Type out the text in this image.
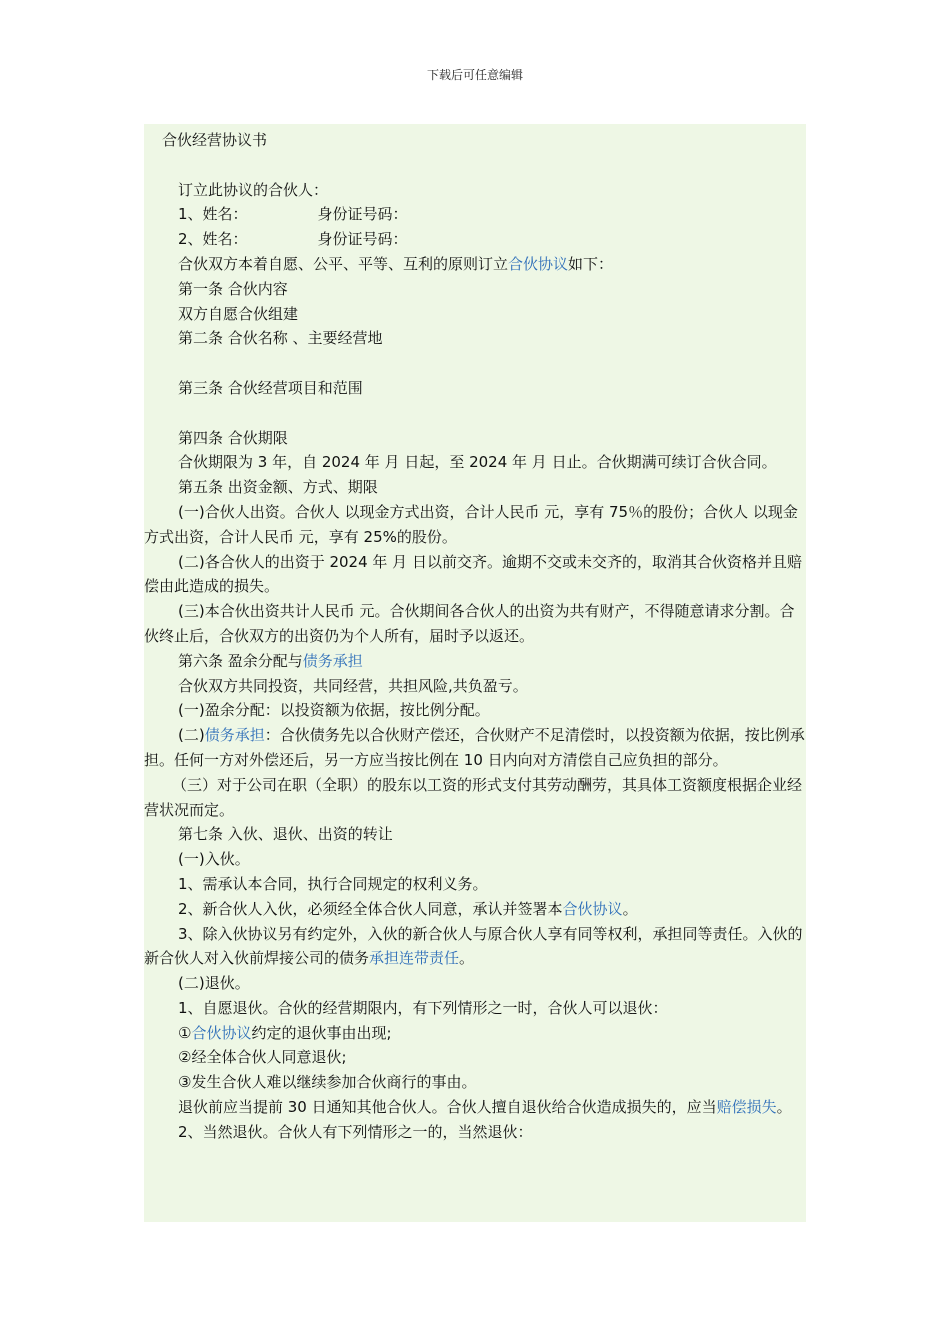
下载后可任意编辑

合伙经营协议书

订立此协议的合伙人：

1、姓名：	身份证号码：

2、姓名：	身份证号码：

合伙双方本着自愿、公平、平等、互利的原则订立合伙协议如下：

第一条 合伙内容

双方自愿合伙组建

第二条 合伙名称 、主要经营地

第三条 合伙经营项目和范围

第四条 合伙期限

合伙期限为 3 年，自 2024 年 月 日起，至 2024 年 月 日止。合伙期满可续订合伙合同。

第五条 出资金额、方式、期限

(一)合伙人出资。合伙人 以现金方式出资，合计人民币 元，享有 75％的股份；合伙人 以现金方式出资，合计人民币 元，享有 25%的股份。

(二)各合伙人的出资于 2024 年 月 日以前交齐。逾期不交或未交齐的，取消其合伙资格并且赔偿由此造成的损失。

(三)本合伙出资共计人民币 元。合伙期间各合伙人的出资为共有财产，不得随意请求分割。合伙终止后，合伙双方的出资仍为个人所有，届时予以返还。

第六条 盈余分配与债务承担

合伙双方共同投资，共同经营，共担风险,共负盈亏。

(一)盈余分配：以投资额为依据，按比例分配。

(二)债务承担：合伙债务先以合伙财产偿还，合伙财产不足清偿时，以投资额为依据，按比例承担。任何一方对外偿还后，另一方应当按比例在 10 日内向对方清偿自己应负担的部分。

（三）对于公司在职（全职）的股东以工资的形式支付其劳动酬劳，其具体工资额度根据企业经营状况而定。

第七条 入伙、退伙、出资的转让

(一)入伙。

1、需承认本合同，执行合同规定的权利义务。

2、新合伙人入伙，必须经全体合伙人同意，承认并签署本合伙协议。

3、除入伙协议另有约定外，入伙的新合伙人与原合伙人享有同等权利，承担同等责任。入伙的新合伙人对入伙前焊接公司的债务承担连带责任。

(二)退伙。

1、自愿退伙。合伙的经营期限内，有下列情形之一时，合伙人可以退伙：

①合伙协议约定的退伙事由出现;

②经全体合伙人同意退伙;

③发生合伙人难以继续参加合伙商行的事由。

退伙前应当提前 30 日通知其他合伙人。合伙人擅自退伙给合伙造成损失的，应当赔偿损失。

2、当然退伙。合伙人有下列情形之一的，当然退伙：
